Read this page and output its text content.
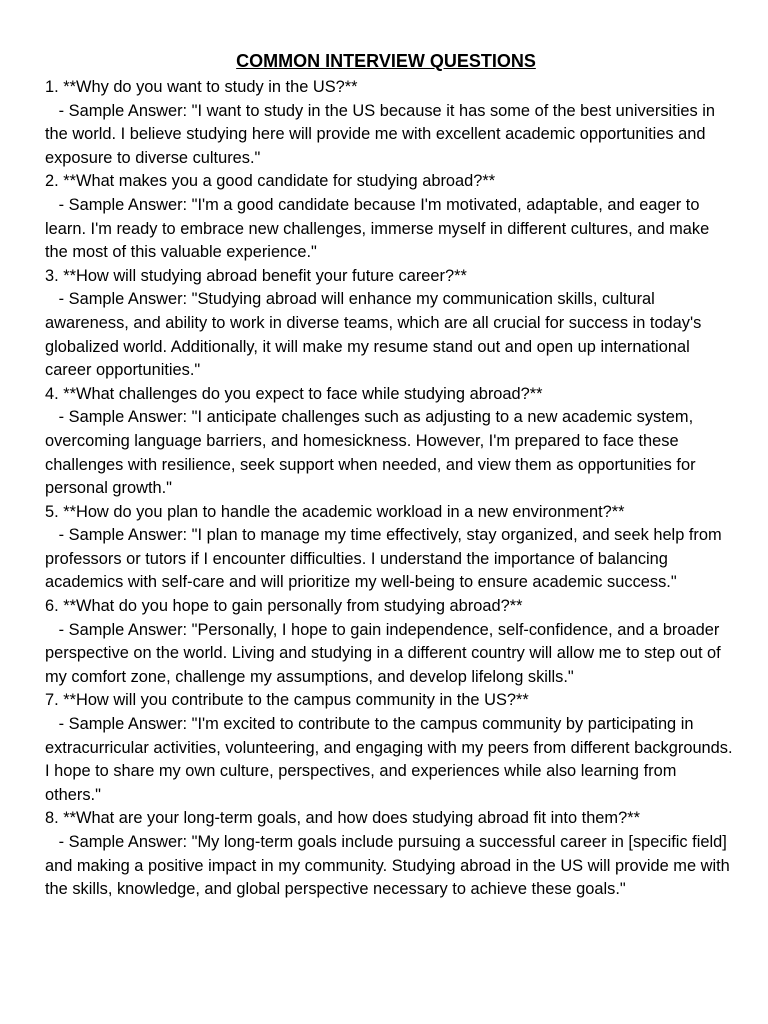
COMMON INTERVIEW QUESTIONS
1. **Why do you want to study in the US?**
- Sample Answer: "I want to study in the US because it has some of the best universities in the world. I believe studying here will provide me with excellent academic opportunities and exposure to diverse cultures."
2. **What makes you a good candidate for studying abroad?**
- Sample Answer: "I'm a good candidate because I'm motivated, adaptable, and eager to learn. I'm ready to embrace new challenges, immerse myself in different cultures, and make the most of this valuable experience."
3. **How will studying abroad benefit your future career?**
- Sample Answer: "Studying abroad will enhance my communication skills, cultural awareness, and ability to work in diverse teams, which are all crucial for success in today's globalized world. Additionally, it will make my resume stand out and open up international career opportunities."
4. **What challenges do you expect to face while studying abroad?**
- Sample Answer: "I anticipate challenges such as adjusting to a new academic system, overcoming language barriers, and homesickness. However, I'm prepared to face these challenges with resilience, seek support when needed, and view them as opportunities for personal growth."
5. **How do you plan to handle the academic workload in a new environment?**
- Sample Answer: "I plan to manage my time effectively, stay organized, and seek help from professors or tutors if I encounter difficulties. I understand the importance of balancing academics with self-care and will prioritize my well-being to ensure academic success."
6. **What do you hope to gain personally from studying abroad?**
- Sample Answer: "Personally, I hope to gain independence, self-confidence, and a broader perspective on the world. Living and studying in a different country will allow me to step out of my comfort zone, challenge my assumptions, and develop lifelong skills."
7. **How will you contribute to the campus community in the US?**
- Sample Answer: "I'm excited to contribute to the campus community by participating in extracurricular activities, volunteering, and engaging with my peers from different backgrounds. I hope to share my own culture, perspectives, and experiences while also learning from others."
8. **What are your long-term goals, and how does studying abroad fit into them?**
- Sample Answer: "My long-term goals include pursuing a successful career in [specific field] and making a positive impact in my community. Studying abroad in the US will provide me with the skills, knowledge, and global perspective necessary to achieve these goals."
